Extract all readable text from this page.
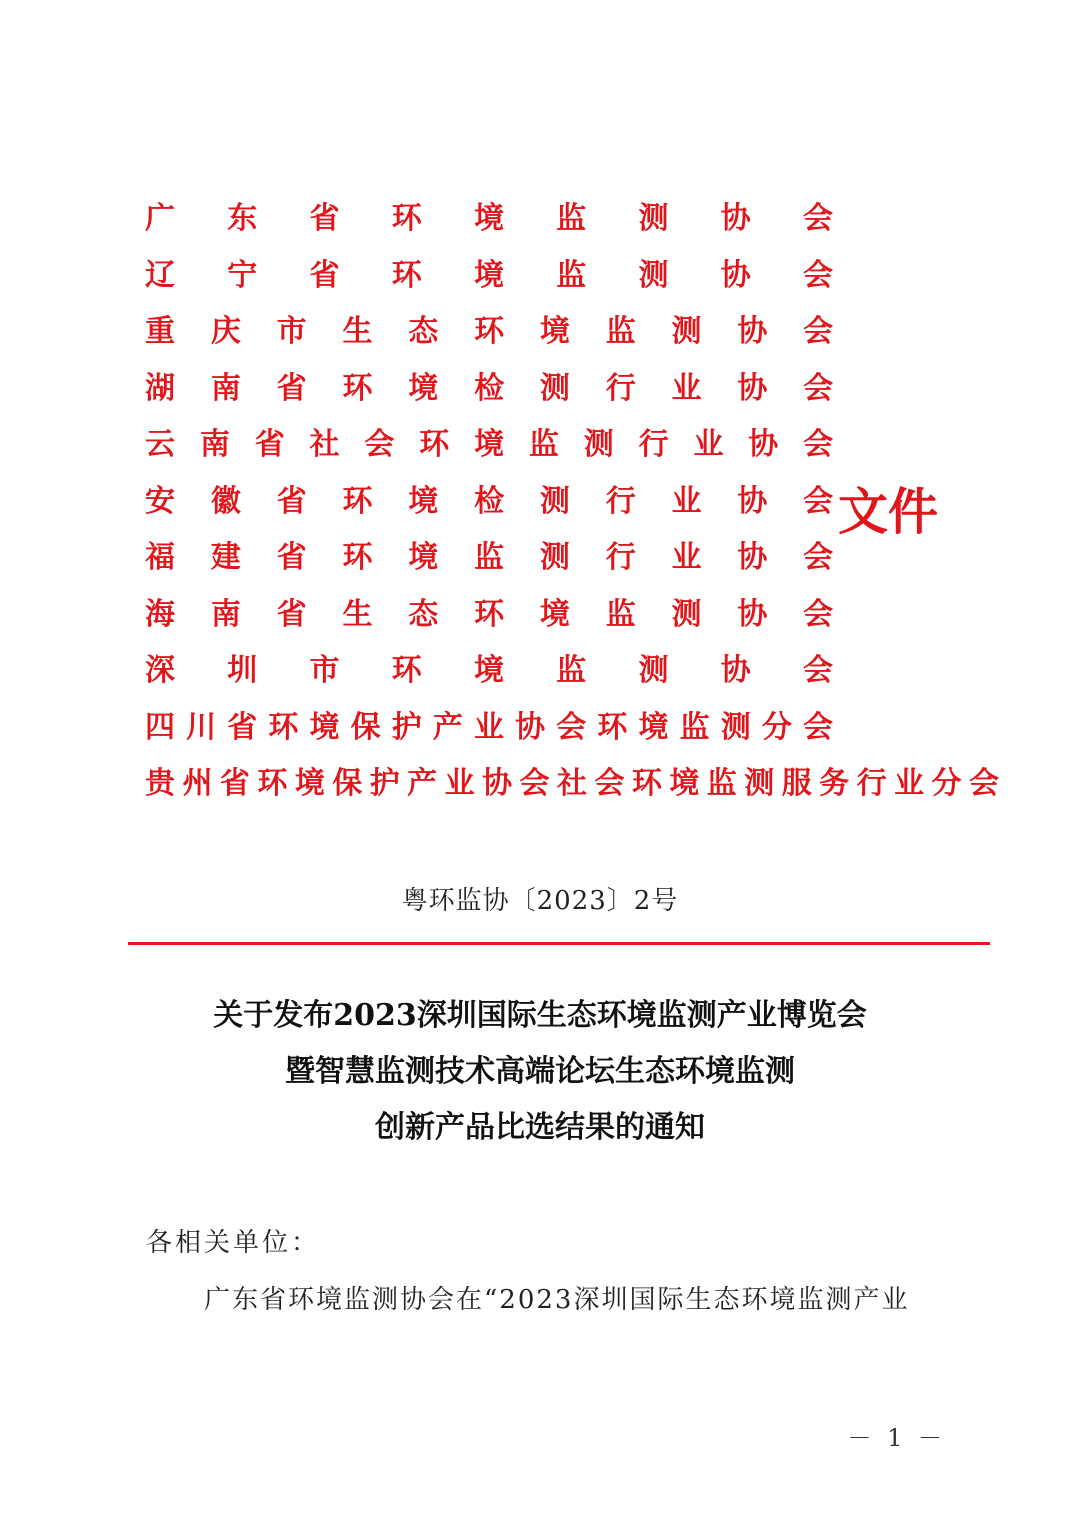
广 东 省 环 境 监 测 协 会
辽 宁 省 环 境 监 测 协 会
重 庆 市 生 态 环 境 监 测 协 会
湖 南 省 环 境 检 测 行 业 协 会
云 南 省 社 会 环 境 监 测 行 业 协 会
安 徽 省 环 境 检 测 行 业 协 会
福 建 省 环 境 监 测 行 业 协 会
海 南 省 生 态 环 境 监 测 协 会
深 圳 市 环 境 监 测 协 会
四 川 省 环 境 保 护 产 业 协 会 环 境 监 测 分 会
贵 州 省 环 境 保 护 产 业 协 会 社 会 环 境 监 测 服 务 行 业 分 会
文件
粤环监协〔2023〕2号
关于发布2023深圳国际生态环境监测产业博览会
暨智慧监测技术高端论坛生态环境监测
创新产品比选结果的通知
各相关单位：
广东省环境监测协会在“2023深圳国际生态环境监测产业
－ 1 －
